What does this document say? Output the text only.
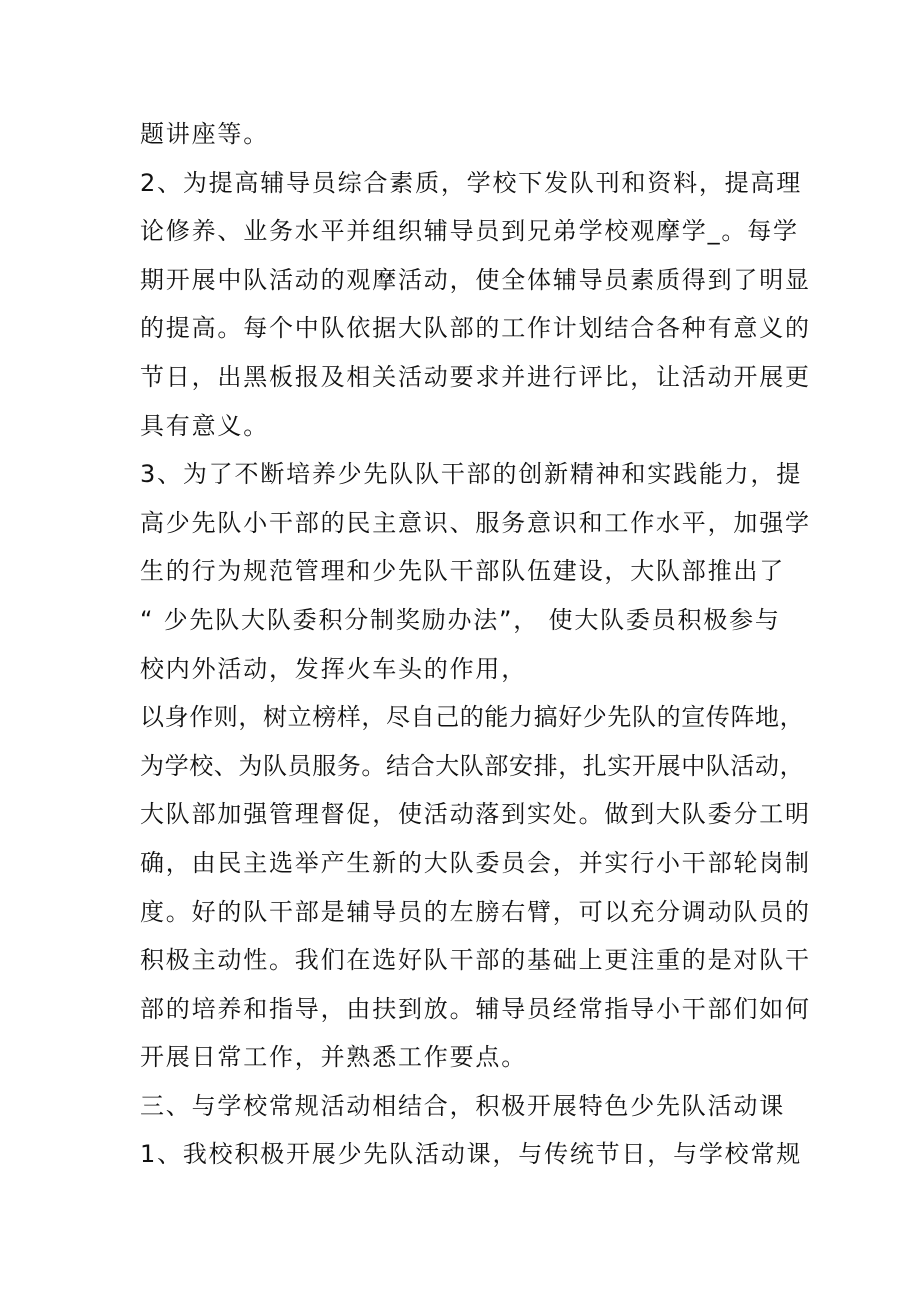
题讲座等。
2、为提高辅导员综合素质，学校下发队刊和资料，提高理
论修养、业务水平并组织辅导员到兄弟学校观摩学_。每学
期开展中队活动的观摩活动，使全体辅导员素质得到了明显
的提高。每个中队依据大队部的工作计划结合各种有意义的
节日，出黑板报及相关活动要求并进行评比，让活动开展更
具有意义。
3、为了不断培养少先队队干部的创新精神和实践能力，提
高少先队小干部的民主意识、服务意识和工作水平，加强学
生的行为规范管理和少先队干部队伍建设，大队部推出了
“ 少先队大队委积分制奖励办法”， 使大队委员积极参与
校内外活动，发挥火车头的作用，
以身作则，树立榜样，尽自己的能力搞好少先队的宣传阵地，
为学校、为队员服务。结合大队部安排，扎实开展中队活动，
大队部加强管理督促，使活动落到实处。做到大队委分工明
确，由民主选举产生新的大队委员会，并实行小干部轮岗制
度。好的队干部是辅导员的左膀右臂，可以充分调动队员的
积极主动性。我们在选好队干部的基础上更注重的是对队干
部的培养和指导，由扶到放。辅导员经常指导小干部们如何
开展日常工作，并熟悉工作要点。
三、与学校常规活动相结合，积极开展特色少先队活动课
1、我校积极开展少先队活动课，与传统节日，与学校常规
